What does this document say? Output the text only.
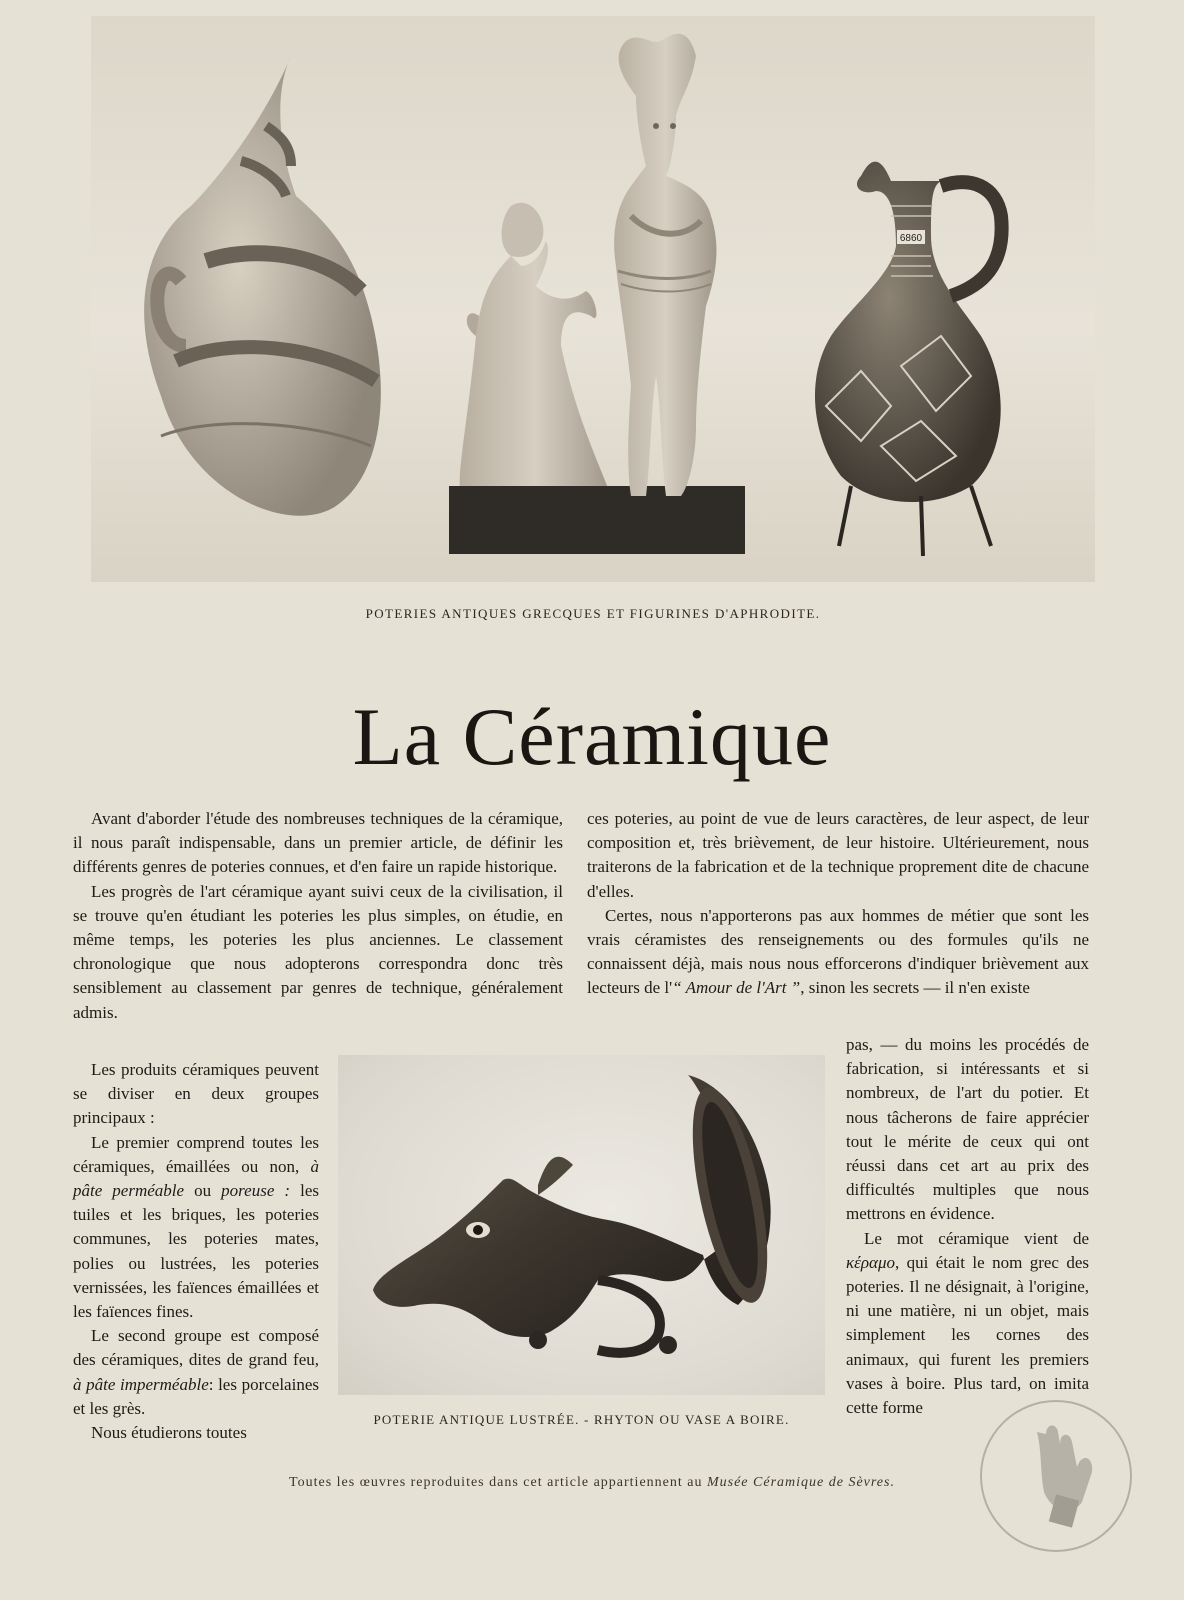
6860
POTERIES ANTIQUES GRECQUES ET FIGURINES D'APHRODITE.
La Céramique

Avant d'aborder l'étude des nombreuses techniques de la céramique, il nous paraît indispensable, dans un premier article, de définir les différents genres de poteries connues, et d'en faire un rapide historique.

Les progrès de l'art céramique ayant suivi ceux de la civilisation, il se trouve qu'en étudiant les poteries les plus simples, on étudie, en même temps, les poteries les plus anciennes. Le classement chronologique que nous adopterons correspondra donc très sensiblement au classement par genres de technique, généralement admis.

ces poteries, au point de vue de leurs caractères, de leur aspect, de leur composition et, très brièvement, de leur histoire. Ultérieurement, nous traiterons de la fabrication et de la technique proprement dite de chacune d'elles.

Certes, nous n'apporterons pas aux hommes de métier que sont les vrais céramistes des renseignements ou des formules qu'ils ne connaissent déjà, mais nous nous efforcerons d'indiquer brièvement aux lecteurs de l'“ Amour de l'Art ”, sinon les secrets — il n'en existe

pas, — du moins les procédés de fabrication, si intéressants et si nombreux, de l'art du potier. Et nous tâcherons de faire apprécier tout le mérite de ceux qui ont réussi dans cet art au prix des difficultés multiples que nous mettrons en évidence.

Le mot céramique vient de κέραμο, qui était le nom grec des poteries. Il ne désignait, à l'origine, ni une matière, ni un objet, mais simplement les cornes des animaux, qui furent les premiers vases à boire. Plus tard, on imita cette forme

Les produits céramiques peuvent se diviser en deux groupes principaux :

Le premier comprend toutes les céramiques, émaillées ou non, à pâte perméable ou poreuse : les tuiles et les briques, les poteries communes, les poteries mates, polies ou lustrées, les poteries vernissées, les faïences émaillées et les faïences fines.

Le second groupe est composé des céramiques, dites de grand feu, à pâte imperméable: les porcelaines et les grès.

Nous étudierons toutes

POTERIE ANTIQUE LUSTRÉE. - RHYTON OU VASE A BOIRE.
Toutes les œuvres reproduites dans cet article appartiennent au Musée Céramique de Sèvres.
